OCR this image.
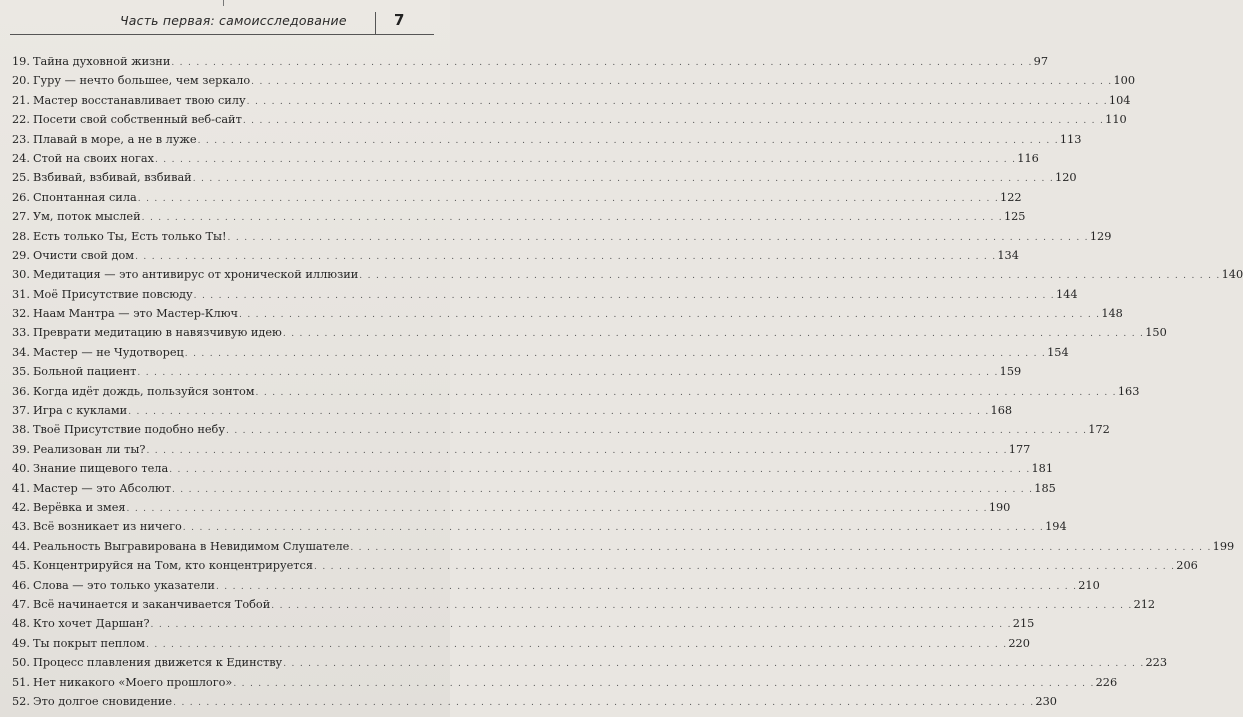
Часть первая: самоисследование	7
19. Тайна духовной жизни . . .	97
20. Гуру — нечто большее, чем зеркало . . .	100
21. Мастер восстанавливает твою силу . . .	104
22. Посети свой собственный веб-сайт . . .	110
23. Плавай в море, а не в луже . . .	113
24. Стой на своих ногах . . .	116
25. Взбивай, взбивай, взбивай . . .	120
26. Спонтанная сила . . .	122
27. Ум, поток мыслей . . .	125
28. Есть только Ты, Есть только Ты! . . .	129
29. Очисти свой дом . . .	134
30. Медитация — это антивирус от хронической иллюзии . . .	140
31. Моё Присутствие повсюду . . .	144
32. Наам Мантра — это Мастер-Ключ . . .	148
33. Преврати медитацию в навязчивую идею . . .	150
34. Мастер — не Чудотворец . . .	154
35. Больной пациент . . .	159
36. Когда идёт дождь, пользуйся зонтом . . .	163
37. Игра с куклами . . .	168
38. Твоё Присутствие подобно небу . . .	172
39. Реализован ли ты? . . .	177
40. Знание пищевого тела . . .	181
41. Мастер — это Абсолют . . .	185
42. Верёвка и змея . . .	190
43. Всё возникает из ничего . . .	194
44. Реальность Выгравирована в Невидимом Слушателе . . .	199
45. Концентрируйся на Том, кто концентрируется . . .	206
46. Слова — это только указатели . . .	210
47. Всё начинается и заканчивается Тобой . . .	212
48. Кто хочет Даршан? . . .	215
49. Ты покрыт пеплом . . .	220
50. Процесс плавления движется к Единству . . .	223
51. Нет никакого «Моего прошлого» . . .	226
52. Это долгое сновидение . . .	230
